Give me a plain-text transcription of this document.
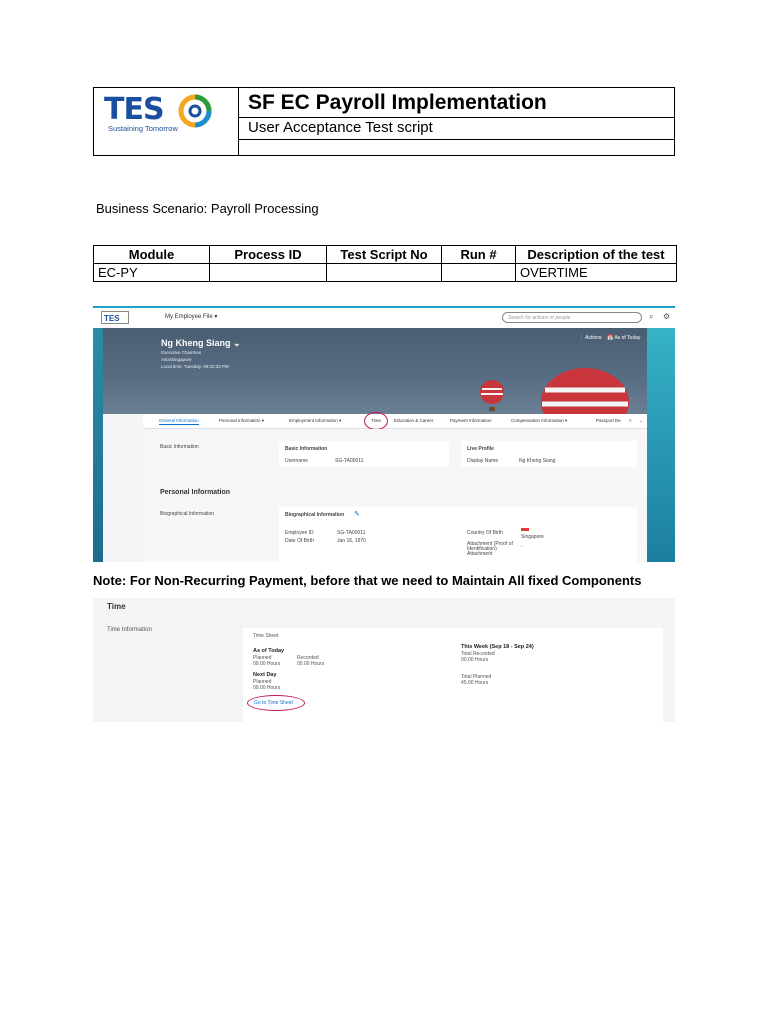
TES
Sustaining Tomorrow
SF EC Payroll Implementation
User Acceptance Test script
Business Scenario: Payroll Processing
Module	Process ID	Test Script No	Run #	Description of the test
EC-PY				OVERTIME
TES	My Employee File ▾	Search for actions or people	⌕ ⚙
Ng Kheng Siang ⌄
Executive Chairman
Asia/Singapore
Local time: Tuesday, 09:33:33 PM
⋮ Actions 📅 As of Today
General Information	Personal Information ▾	Employment Information ▾	Time	Education & Career	Payment Information	Compensation Information ▾	Passport De > ⌄
Basic Information	Basic Information
Username	SG-TA00011
Live Profile
Display Name	Ng Kheng Siang
Personal Information
Biographical Information	Biographical Information ✎
Employee ID	SG-TA00011
Date Of Birth	Jan 16, 1970
Country Of Birth
Singapore
Attachment (Proof of Identification) Attachment
-
Note: For Non-Recurring Payment, before that we need to Maintain All fixed Components
Time
Time Information
Time Sheet
As of Today
Planned
09.00 Hours
Recorded
00.00 Hours
Next Day
Planned
09.00 Hours
Go to Time Sheet
This Week (Sep 18 - Sep 24)
Total Recorded
00.00 Hours
Total Planned
45.00 Hours
